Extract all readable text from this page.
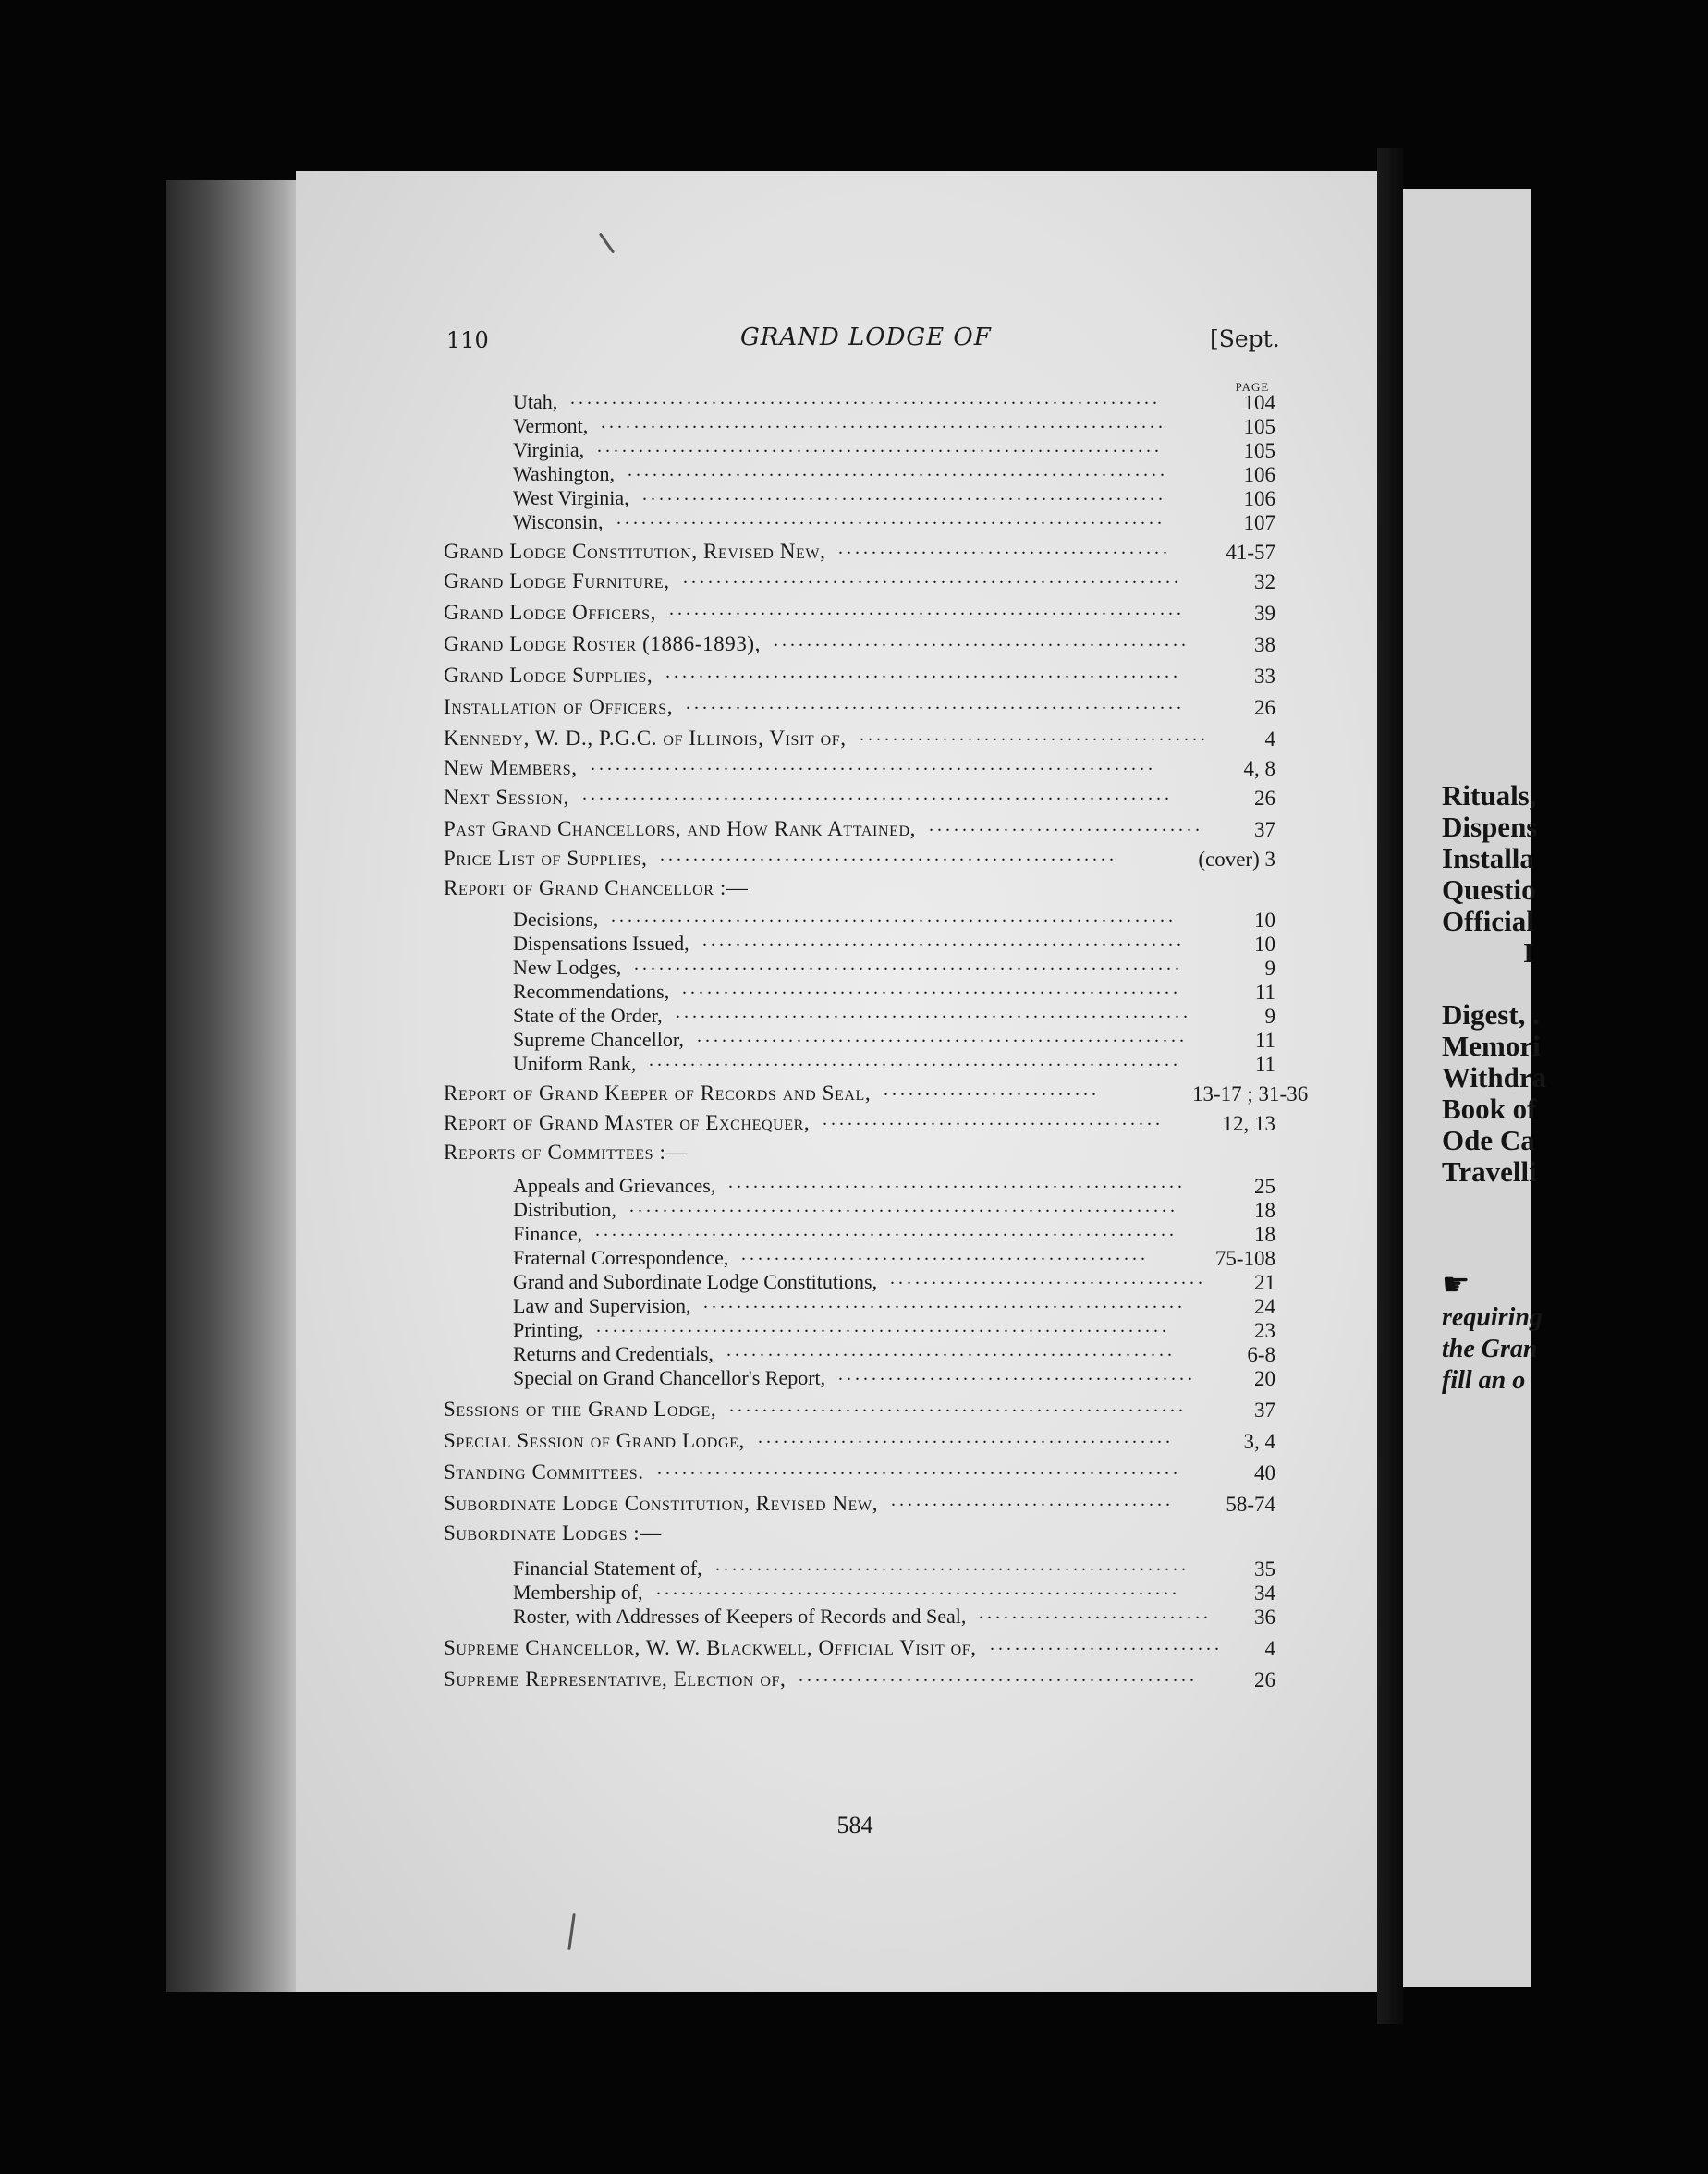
Rituals,
Dispens
Installa
Questio
Official
I
Digest, .
Memori
Withdra
Book of
Ode Ca
Travelli
☛
requiring
the Gran
fill an o
110	GRAND LODGE OF	[Sept.
PAGE
Utah, .......................................................................	104
Vermont, ....................................................................	105
Virginia, ....................................................................	105
Washington, .................................................................	106
West Virginia, ...............................................................	106
Wisconsin, ..................................................................	107
Grand Lodge Constitution, Revised New, ........................................	41-57
Grand Lodge Furniture, ............................................................	32
Grand Lodge Officers, ..............................................................	39
Grand Lodge Roster (1886-1893), ..................................................	38
Grand Lodge Supplies, ..............................................................	33
Installation of Officers, ............................................................	26
Kennedy, W. D., P.G.C. of Illinois, Visit of, ..........................................	4
New Members, ....................................................................	4, 8
Next Session, .......................................................................	26
Past Grand Chancellors, and How Rank Attained, .................................	37
Price List of Supplies, .......................................................	(cover) 3
Report of Grand Chancellor :—
Decisions, ....................................................................	10
Dispensations Issued, ..........................................................	10
New Lodges, ..................................................................	9
Recommendations, ............................................................	11
State of the Order, ..............................................................	9
Supreme Chancellor, ...........................................................	11
Uniform Rank, ................................................................	11
Report of Grand Keeper of Records and Seal, ..........................	13-17 ; 31-36
Report of Grand Master of Exchequer, .........................................	12, 13
Reports of Committees :—
Appeals and Grievances, .......................................................	25
Distribution, ..................................................................	18
Finance, ......................................................................	18
Fraternal Correspondence, .................................................	75-108
Grand and Subordinate Lodge Constitutions, ......................................	21
Law and Supervision, ..........................................................	24
Printing, .....................................................................	23
Returns and Credentials, ......................................................	6-8
Special on Grand Chancellor's Report, ...........................................	20
Sessions of the Grand Lodge, .......................................................	37
Special Session of Grand Lodge, ..................................................	3, 4
Standing Committees. ...............................................................	40
Subordinate Lodge Constitution, Revised New, ..................................	58-74
Subordinate Lodges :—
Financial Statement of, .........................................................	35
Membership of, ...............................................................	34
Roster, with Addresses of Keepers of Records and Seal, ............................	36
Supreme Chancellor, W. W. Blackwell, Official Visit of, ............................	4
Supreme Representative, Election of, ................................................	26
584
